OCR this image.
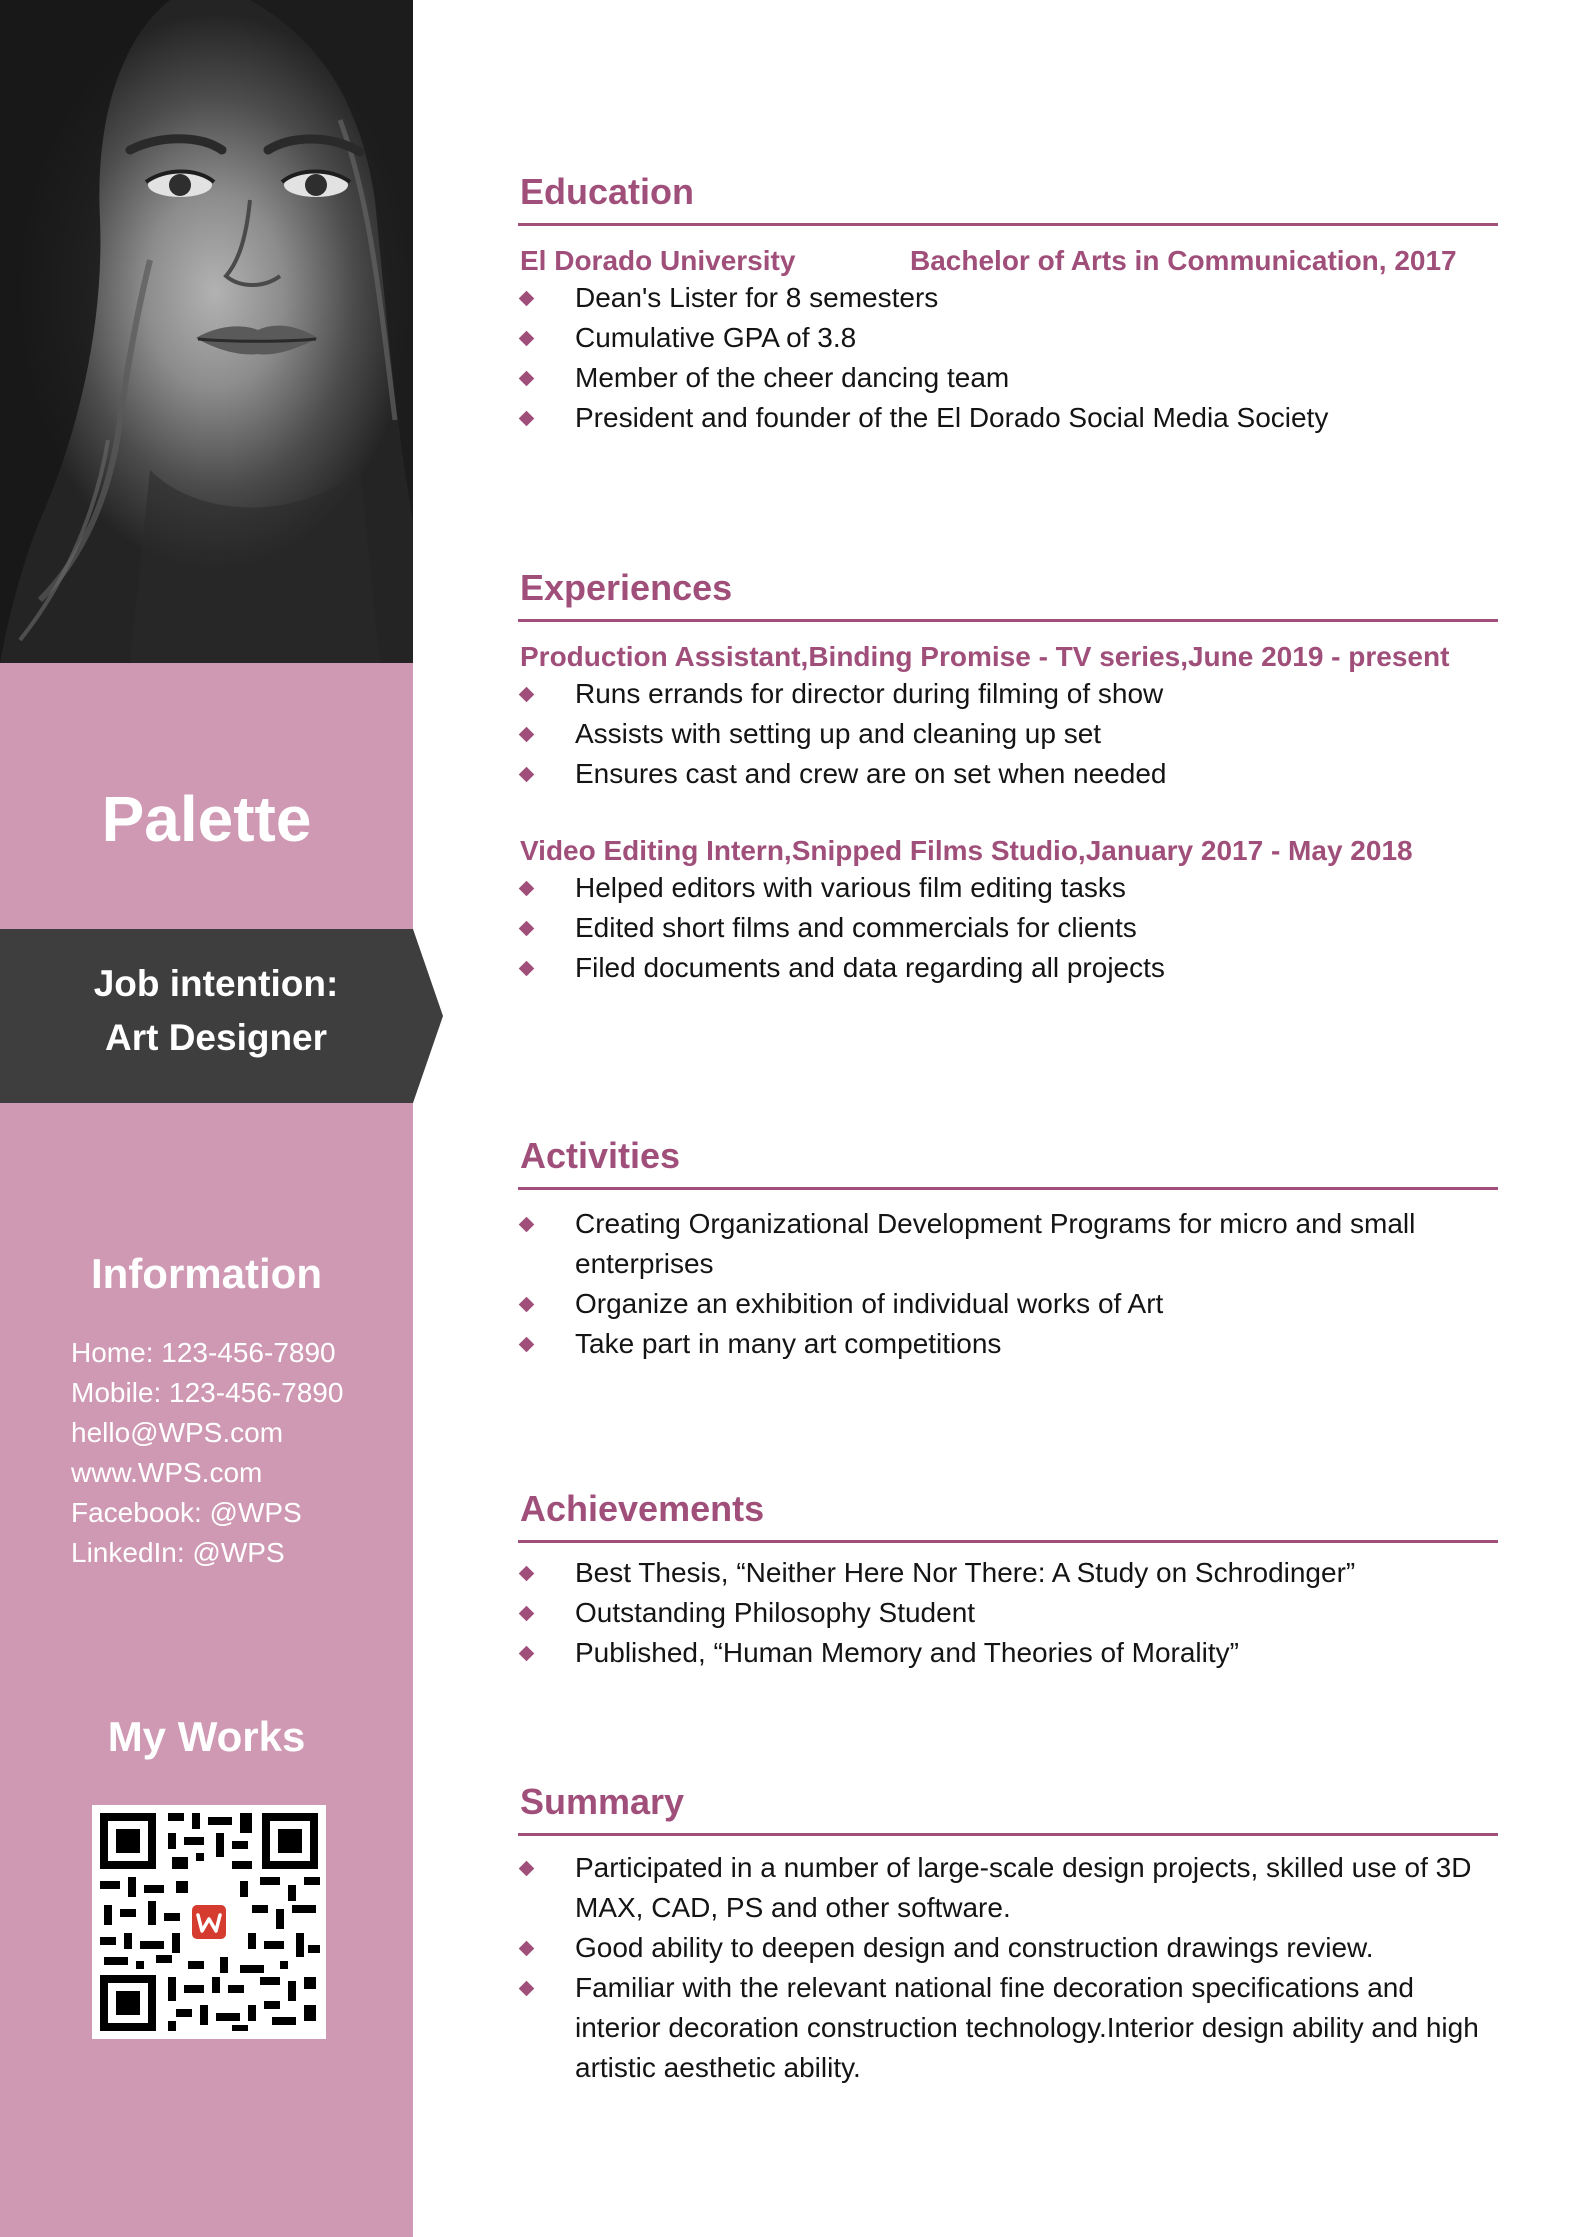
Palette
Job intention:
Art Designer
Information
Home: 123-456-7890
Mobile: 123-456-7890
hello@WPS.com
www.WPS.com
Facebook: @WPS
LinkedIn: @WPS
My Works
Education
El Dorado University	Bachelor of Arts in Communication, 2017
Dean's Lister for 8 semesters
Cumulative GPA of 3.8
Member of the cheer dancing team
President and founder of the El Dorado Social Media Society
Experiences
Production Assistant,Binding Promise - TV series,June 2019 - present
Runs errands for director during filming of show
Assists with setting up and cleaning up set
Ensures cast and crew are on set when needed
Video Editing Intern,Snipped Films Studio,January 2017 - May 2018
Helped editors with various film editing tasks
Edited short films and commercials for clients
Filed documents and data regarding all projects
Activities
Creating Organizational Development Programs for micro and small enterprises
Organize an exhibition of individual works of Art
Take part in many art competitions
Achievements
Best Thesis, “Neither Here Nor There: A Study on Schrodinger”
Outstanding Philosophy Student
Published, “Human Memory and Theories of Morality”
Summary
Participated in a number of large-scale design projects, skilled use of 3D MAX, CAD, PS and other software.
Good ability to deepen design and construction drawings review.
Familiar with the relevant national fine decoration specifications and interior decoration construction technology.Interior design ability and high artistic aesthetic ability.
